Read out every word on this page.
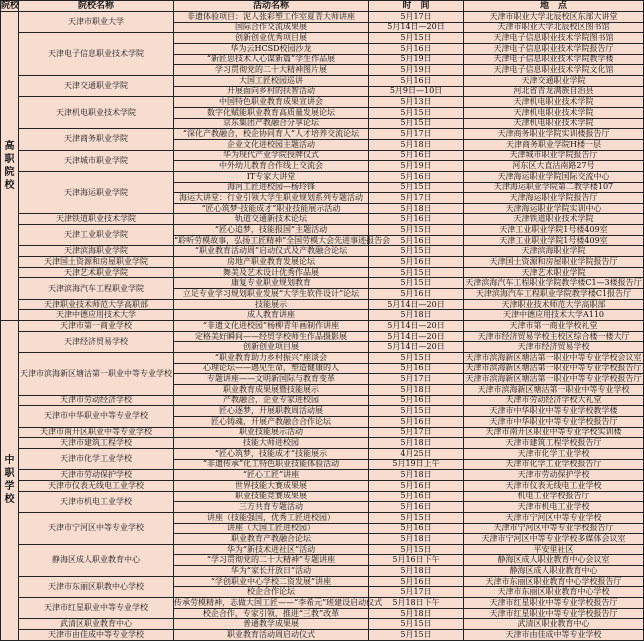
院校	院校名称	活动名称	时　间	地　点

高职院校	天津市职业大学	非遗体验项目：泥人张彩塑工作室夏青大师讲座	5月17日	天津市职业大学北辰校区东部大讲堂
		国际合作交流成果展	5月14日—20日	天津市职业大学北辰校区图书馆
	天津电子信息职业技术学院	创新创业优秀项目展	5月15日	天津电子信息职业技术学院图书馆
		华为云HCSD校园沙龙	5月16日	天津电子信息职业技术学院报告厅
		“新匠思技术人心谋新篇”学生作品展	5月19日	天津电子信息职业技术学院教学楼
		学习贯彻党的二十大精神图片展	5月19日	天津电子信息职业技术学院文化馆
	天津交通职业学院	大国工匠校园巡讲	5月16日	天津交通职业学院
		开展面向乡村的扶智活动	5月9日—10日	河北省青龙满族自治县
	天津机电职业技术学院	中国特色职业教育成果宣讲会	5月13日	天津机电职业技术学院
		数字化赋能职业教育高质量发展论坛	5月15日	天津机电职业技术学院
		京东集团产教融合分享论坛	5月15日	天津机电职业技术学院
	天津商务职业学院	“深化产教融合，校企协同育人”人才培养交流论坛	5月17日	天津商务职业学院实训楼报告厅
		企业文化进校园主题活动	5月18日	天津商务职业学院H楼一层
	天津城市职业学院	华为现代产业学院授牌仪式	5月16日	天津城市职业学院报告厅
		中外幼儿教育合作线上交流会	5月19日	河东区大直沽南路27号
	天津海运职业学院	IT专家大讲堂	5月16日	天津海运职业学院国际交流中心
		海河工匠进校园—杨玲锋	5月15日	天津海运职业学院第二教学楼107
		海运大讲堂：行业引领大学生职业规划系列专题活动	5月17日	天津海运职业学院报告厅
		“匠心筑梦·技能成才”职业技能展示活动	5月18日	天津海运职业学院实训中心
	天津铁道职业技术学院	轨道交通新技术论坛	5月16日	天津铁道职业技术学院
	天津工业职业学院	“匠心追梦，技能报国”主题活动	5月15日	天津工业职业学院1号楼409室
		“聆听劳模故事，弘扬工匠精神”全国劳模大会先进事迹报告会	5月16日	天津工业职业学院1号楼409室
	天津滨海职业学院	“职业教育活动周”启动仪式及产教融合论坛	5月15日	天津滨海职业学院
	天津国土资源和房屋职业学院	房地产职业教育发展论坛	5月16日	天津国土资源和房屋职业学院报告厅
	天津艺术职业学院	舞美及艺术设计优秀作品展	5月15日	天津艺术职业学院
	天津滨海汽车工程职业学院	康复专业职业规划教育	5月15日	天津滨海汽车工程职业学院教学楼C1—3楼报告厅
		立足专业学习规划职业发展“大学生软件设计”论坛	5月16日	天津滨海汽车工程职业学院教学楼C1报告厅
	天津职业技术师范大学高职部	技能展示	5月14日—20日	天津职业技术师范大学高职部
	天津中德应用技术大学	成人教育讲座	5月18日	天津中德应用技术大学A110

中职学校	天津市第一商业学校	“非遗文化进校园”杨柳青年画制作讲座	5月14日—20日	天津市第一商业学校礼堂
	天津经济贸易学校	定格美好瞬间——经贸学校师生作品摄影展	5月14日—20日	天津市经济贸易学校主校区综合楼一楼大厅
		创新创业项目展	5月14日—20日	天津市经济贸易学校
	天津市滨海新区塘沽第一职业中等专业学校	“职业教育助力乡村振兴”座谈会	5月15日	天津市滨海新区塘沽第一职业中等专业学校会议室
		心理论坛——遇见生命，塑造健康的人	5月16日	天津市滨海新区塘沽第一职业中等专业学校报告厅
		专题讲座——文明新国际与教育变革	5月17日	天津市滨海新区塘沽第一职业中等专业学校报告厅
		职业教育成果展暨技能展示	5月18日	天津市滨海新区塘沽第一职业中等专业学校
	天津市劳动经济学校	产教融合，企业专家进校园	5月16日	天津市劳动经济学校大礼堂
	天津市中华职业中等专业学校	匠心逐梦，开展职教周活动展	5月15日	天津市中华职业中等专业学校教学楼
		匠心铸魂，开展产教融合合作论坛	5月16日	天津市中华职业中等专业学校报告厅
	天津市南开区职业中等专业学校	职业技能展示活动	5月17日	天津市南开区职业中等专业学校实训楼
	天津市建筑工程学校	技能大师进校园	5月18日	天津市建筑工程学校报告厅
	天津市化学工业学校	“匠心筑梦，技能成才”技能展示	4月25日	天津市化学工业学校
		“非遗传承”化工特色职业技能体验活动	5月19日上午	天津市化学工业学校报告厅
	天津市劳动保护学校	“匠心工匠”讲座	5月18日	天津市劳动保护学校
	天津市仪表无线电工业学校	世界技能大赛成果展	5月16日	天津市仪表无线电工业学校
	天津市机电工业学校	职业技能竞赛成果展	5月16日	机电工业学校报告厅
		三方共育专题活动	5月16日	天津市机电工业学校
	天津市宁河区中等专业学校	讲座（技能强国，优秀工匠进校园）	5月15日	天津市宁河区中等专业学校
		讲座（大国工匠进校园）	5月16日	天津市宁河区中等专业学校报告厅
		职业教育产教融合论坛	5月18日	天津市宁河区中等专业学校多媒体会议室
	静海区成人职业教育中心	华为“新技术进社区”活动	5月15日	平安里社区
		“学习贯彻党的二十大精神”专题讲座	5月16日下午	静海区成人职业教育中心会议室
		华为“家长开放日”活动	5月18日	静海区成人职业教育中心
	天津市东丽区职教中心学校	“学创职业中心学校二资发展”讲座	5月16日	天津市东丽区职业教育中心学校报告厅
		校企合作论坛	5月17日	天津市东丽区职业教育中心学校
	天津市红星职业中等专业学校	传承劳模精神，志做大国工匠——“李希元”班建设启动仪式	5月18日下午	天津市红星职业中等专业学校报告厅
		校企合作，专家引领，推进“三教”改革	5月18日	天津市红星职业中等专业学校报告厅
	武清区职业教育中心	普通教学成果展	5月15日	武清区职业教育中心
	天津市由佳成中等专业学校	职业教育活动周启动仪式	5月15日	天津市由佳成中等专业学校
